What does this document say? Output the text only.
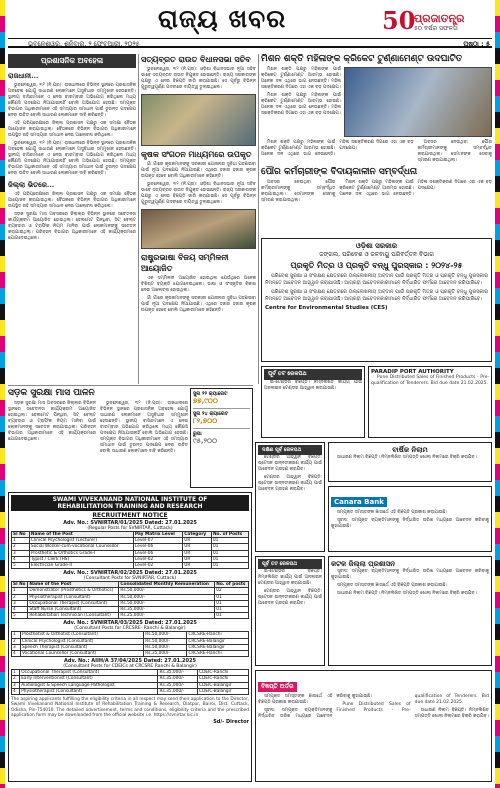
ରାଜ୍ୟ ଖବର	50
ପ୍ରଜାତନ୍ତ୍ର
୫୦ ବର୍ଷର ସଫଳତା
ଭୁବନେଶ୍ୱର, ଶନିବାର, ୨ ଫେବୃଆରୀ, ୨୦୨୫	ପୃଷ୍ଠା : ୫
ପ୍ରଶାସନିକ ଅବହେଳା
ରାଜଧାନୀ...

ଭୁବନେଶ୍ୱର, ୧ା୨ (ନି.ପ୍ର): ରାଜଧାନୀରେ ବିଭିନ୍ନ ସ୍ଥାନରେ ପ୍ରଶାସନିକ ଅବହେଳା ଯୋଗୁଁ ସାଧାରଣ ଲୋକମାନେ ଅସୁବିଧାର ସମ୍ମୁଖୀନ ହେଉଛନ୍ତି। ସ୍ଥାନୀୟ ବାସିନ୍ଦାମାନେ ଏ ନେଇ ବାରମ୍ବାର ଅଭିଯୋଗ କରିଥିଲେ ମଧ୍ୟ କୌଣସି ପଦକ୍ଷେପ ନିଆଯାଇନାହିଁ ବୋଲି ଅଭିଯୋଗ ହେଉଛି। ସମ୍ପୃକ୍ତ ବିଭାଗର ଅଧିକାରୀମାନେ ଏହି ସମସ୍ୟାର ସମାଧାନ ପାଇଁ ତୁରନ୍ତ ପଦକ୍ଷେପ ନେବା ଉଚିତ ବୋଲି ସାଧାରଣ ଲୋକମାନେ ଦାବି କରିଛନ୍ତି।

ଏହି ପରିପ୍ରେକ୍ଷୀରେ ଜିଲ୍ଲା ପ୍ରଶାସନ ପକ୍ଷରୁ ଏକ ସମୀକ୍ଷା ବୈଠକ ଆୟୋଜନ କରାଯାଇଥିଲା। ବୈଠକରେ ବିଭିନ୍ନ ବିଭାଗର ଅଧିକାରୀମାନେ ଉପସ୍ଥିତ ରହି ସମସ୍ୟାର ସମାଧାନ ନେଇ ଆଲୋଚନା କରିଥିଲେ।

ଭୁବନେଶ୍ୱର, ୧ା୨ (ନି.ପ୍ର): ରାଜଧାନୀରେ ବିଭିନ୍ନ ସ୍ଥାନରେ ପ୍ରଶାସନିକ ଅବହେଳା ଯୋଗୁଁ ସାଧାରଣ ଲୋକମାନେ ଅସୁବିଧାର ସମ୍ମୁଖୀନ ହେଉଛନ୍ତି। ସ୍ଥାନୀୟ ବାସିନ୍ଦାମାନେ ଏ ନେଇ ବାରମ୍ବାର ଅଭିଯୋଗ କରିଥିଲେ ମଧ୍ୟ କୌଣସି ପଦକ୍ଷେପ ନିଆଯାଇନାହିଁ ବୋଲି ଅଭିଯୋଗ ହେଉଛି। ସମ୍ପୃକ୍ତ ବିଭାଗର ଅଧିକାରୀମାନେ ଏହି ସମସ୍ୟାର ସମାଧାନ ପାଇଁ ତୁରନ୍ତ ପଦକ୍ଷେପ ନେବା ଉଚିତ ବୋଲି ସାଧାରଣ ଲୋକମାନେ ଦାବି କରିଛନ୍ତି।

ଜିଲ୍ଲା ଭିତରେ...

ଏହି ପରିପ୍ରେକ୍ଷୀରେ ଜିଲ୍ଲା ପ୍ରଶାସନ ପକ୍ଷରୁ ଏକ ସମୀକ୍ଷା ବୈଠକ ଆୟୋଜନ କରାଯାଇଥିଲା। ବୈଠକରେ ବିଭିନ୍ନ ବିଭାଗର ଅଧିକାରୀମାନେ ଉପସ୍ଥିତ ରହି ସମସ୍ୟାର ସମାଧାନ ନେଇ ଆଲୋଚନା କରିଥିଲେ।

ସଡ଼କ ସୁରକ୍ଷା ମାସ ଅବସରରେ ଜିଲ୍ଲାର ବିଭିନ୍ନ ସ୍ଥାନରେ ସଚେତନତା କାର୍ଯ୍ୟକ୍ରମ ଆୟୋଜିତ ହୋଇଥିଲା। ହେଲମେଟ ପିନ୍ଧିବା, ସିଟ୍ ବେଲ୍ଟ ବ୍ୟବହାର ଓ ଟ୍ରାଫିକ ନିୟମ ମାନିବା ପାଇଁ ଲୋକମାନଙ୍କୁ ସଚେତନ କରାଯାଇଥିଲା। ପରିବହନ ବିଭାଗର ଅଧିକାରୀମାନେ ଏହି କାର୍ଯ୍ୟକ୍ରମରେ ଯୋଗଦେଇଥିଲେ।

ସଡ଼କ ସୁରକ୍ଷା ମାସ ପାଳନ

ସଡ଼କ ସୁରକ୍ଷା ମାସ ଅବସରରେ ଜିଲ୍ଲାର ବିଭିନ୍ନ ସ୍ଥାନରେ ସଚେତନତା କାର୍ଯ୍ୟକ୍ରମ ଆୟୋଜିତ ହୋଇଥିଲା। ହେଲମେଟ ପିନ୍ଧିବା, ସିଟ୍ ବେଲ୍ଟ ବ୍ୟବହାର ଓ ଟ୍ରାଫିକ ନିୟମ ମାନିବା ପାଇଁ ଲୋକମାନଙ୍କୁ ସଚେତନ କରାଯାଇଥିଲା। ପରିବହନ ବିଭାଗର ଅଧିକାରୀମାନେ ଏହି କାର୍ଯ୍ୟକ୍ରମରେ ଯୋଗଦେଇଥିଲେ।

ଭୁବନେଶ୍ୱର, ୧ା୨ (ନି.ପ୍ର): ରାଜଧାନୀରେ ବିଭିନ୍ନ ସ୍ଥାନରେ ପ୍ରଶାସନିକ ଅବହେଳା ଯୋଗୁଁ ସାଧାରଣ ଲୋକମାନେ ଅସୁବିଧାର ସମ୍ମୁଖୀନ ହେଉଛନ୍ତି। ସ୍ଥାନୀୟ ବାସିନ୍ଦାମାନେ ଏ ନେଇ ବାରମ୍ବାର ଅଭିଯୋଗ କରିଥିଲେ ମଧ୍ୟ କୌଣସି ପଦକ୍ଷେପ ନିଆଯାଇନାହିଁ ବୋଲି ଅଭିଯୋଗ ହେଉଛି। ସମ୍ପୃକ୍ତ ବିଭାଗର ଅଧିକାରୀମାନେ ଏହି ସମସ୍ୟାର ସମାଧାନ ପାଇଁ ତୁରନ୍ତ ପଦକ୍ଷେପ ନେବା ଉଚିତ ବୋଲି ସାଧାରଣ ଲୋକମାନେ ଦାବି କରିଛନ୍ତି।

ସୁନା ୨୨ କ୍ୟାରେଟ
୭୭,୯୦୦
ସୁନା ୨୪ କ୍ୟାରେଟ
୮୨,୭୦୦
ରୁପା
୯୫,୨୦୦
ସତ୍ୟବ୍ରତ ରାଉତ ବିଧାନସଭା ସଚିବ

ଭୁବନେଶ୍ୱର, ୧ା୨ (ନି.ପ୍ର): ଓଡ଼ିଶା ବିଧାନସଭାର ନୂଆ ସଚିବ ଭାବେ ସତ୍ୟବ୍ରତ ରାଉତ ନିଯୁକ୍ତ ହୋଇଛନ୍ତି। ରାଜ୍ୟ ସରକାରଙ୍କ ପକ୍ଷରୁ ଏ ନେଇ ବିଜ୍ଞପ୍ତି ଜାରି କରାଯାଇଛି। ସେ ପୂର୍ବରୁ ବିଭିନ୍ନ ଗୁରୁତ୍ୱପୂର୍ଣ୍ଣ ପଦବୀରେ ଦାୟିତ୍ୱ ତୁଲାଇଥିଲେ।

କୃଷକ ସଂଗଠନ ମାଧ୍ୟମରେ ଉପକୃତ

ଗାଁ ଗାଁରେ କୃଷକମାନଙ୍କୁ ସରକାରୀ ଯୋଜନାର ସୁବିଧା ପହଞ୍ଚାଇବା ପାଇଁ ନୂଆ ପଦକ୍ଷେପ ନିଆଯାଇଛି। ଏଥିରେ ହଜାର ହଜାର କୃଷକ ଉପକୃତ ହେବେ ବୋଲି ଅଧିକାରୀମାନେ କହିଛନ୍ତି।

ଭୁବନେଶ୍ୱର, ୧ା୨ (ନି.ପ୍ର): ଓଡ଼ିଶା ବିଧାନସଭାର ନୂଆ ସଚିବ ଭାବେ ସତ୍ୟବ୍ରତ ରାଉତ ନିଯୁକ୍ତ ହୋଇଛନ୍ତି। ରାଜ୍ୟ ସରକାରଙ୍କ ପକ୍ଷରୁ ଏ ନେଇ ବିଜ୍ଞପ୍ତି ଜାରି କରାଯାଇଛି। ସେ ପୂର୍ବରୁ ବିଭିନ୍ନ ଗୁରୁତ୍ୱପୂର୍ଣ୍ଣ ପଦବୀରେ ଦାୟିତ୍ୱ ତୁଲାଇଥିଲେ।

ରାଷ୍ଟ୍ରଭାଷା ବିଜୟ ସମ୍ମିଳନୀ ଆୟୋଜିତ

ଏକ ସମ୍ମିଳନୀ ଆୟୋଜିତ ହୋଇଥିଲା ଯେଉଁଥିରେ ଅନେକ ବିଶିଷ୍ଟ ବ୍ୟକ୍ତି ଯୋଗଦେଇଥିଲେ। ଭାଷା ଓ ସଂସ୍କୃତିର ବିକାଶ ନେଇ ଆଲୋଚନା ହୋଇଥିଲା।

ଗାଁ ଗାଁରେ କୃଷକମାନଙ୍କୁ ସରକାରୀ ଯୋଜନାର ସୁବିଧା ପହଞ୍ଚାଇବା ପାଇଁ ନୂଆ ପଦକ୍ଷେପ ନିଆଯାଇଛି। ଏଥିରେ ହଜାର ହଜାର କୃଷକ ଉପକୃତ ହେବେ ବୋଲି ଅଧିକାରୀମାନେ କହିଛନ୍ତି।

ମିଶନ ଶକ୍ତି ମହିଳାଙ୍କ କ୍ରିକେଟ ଟୁର୍ଣ୍ଣାମେଣ୍ଟ ଉଦଘାଟିତ

ମିଶନ ଶକ୍ତି ପକ୍ଷରୁ ମହିଳାଙ୍କ ପାଇଁ କ୍ରିକେଟ ଟୁର୍ଣ୍ଣାମେଣ୍ଟ ଆରମ୍ଭ ହୋଇଛି। ଅନେକ ଦଳ ଏଥିରେ ଭାଗ ନେଉଛନ୍ତି। ମହିଳା ସଶକ୍ତିକରଣ ଦିଗରେ ଏହା ଏକ ବଡ଼ ପଦକ୍ଷେପ।

ମିଶନ ଶକ୍ତି ପକ୍ଷରୁ ମହିଳାଙ୍କ ପାଇଁ କ୍ରିକେଟ ଟୁର୍ଣ୍ଣାମେଣ୍ଟ ଆରମ୍ଭ ହୋଇଛି। ଅନେକ ଦଳ ଏଥିରେ ଭାଗ ନେଉଛନ୍ତି। ମହିଳା ସଶକ୍ତିକରଣ ଦିଗରେ ଏହା ଏକ ବଡ଼ ପଦକ୍ଷେପ।

ମିଶନ ଶକ୍ତି ପକ୍ଷରୁ ମହିଳାଙ୍କ ପାଇଁ କ୍ରିକେଟ ଟୁର୍ଣ୍ଣାମେଣ୍ଟ ଆରମ୍ଭ ହୋଇଛି। ଅନେକ ଦଳ ଏଥିରେ ଭାଗ ନେଉଛନ୍ତି। ମହିଳା ସଶକ୍ତିକରଣ ଦିଗରେ ଏହା ଏକ ବଡ଼ ପଦକ୍ଷେପ।

ଅବସର ନେଉଥିବା ପୌର କର୍ମଚାରୀମାନଙ୍କୁ ସମ୍ବର୍ଦ୍ଧିତ କରାଯାଇଥିଲା। ସେମାନଙ୍କ ସେବାକୁ ସ୍ମରଣ କରାଯାଇଥିଲା।

ପୌର କର୍ମଚାରୀଙ୍କ ବିଦାୟକାଳୀନ ସମ୍ବର୍ଦ୍ଧନା

ଅବସର ନେଉଥିବା ପୌର କର୍ମଚାରୀମାନଙ୍କୁ ସମ୍ବର୍ଦ୍ଧିତ କରାଯାଇଥିଲା। ସେମାନଙ୍କ ସେବାକୁ ସ୍ମରଣ କରାଯାଇଥିଲା।

ମିଶନ ଶକ୍ତି ପକ୍ଷରୁ ମହିଳାଙ୍କ ପାଇଁ କ୍ରିକେଟ ଟୁର୍ଣ୍ଣାମେଣ୍ଟ ଆରମ୍ଭ ହୋଇଛି। ଅନେକ ଦଳ ଏଥିରେ ଭାଗ ନେଉଛନ୍ତି। ମହିଳା ସଶକ୍ତିକରଣ ଦିଗରେ ଏହା ଏକ ବଡ଼ ପଦକ୍ଷେପ।

ଓଡ଼ିଶା ସରକାର
ଜଙ୍ଗଲ, ପରିବେଶ ଓ ଜଳବାୟୁ ପରିବର୍ତ୍ତନ ବିଭାଗ
ପ୍ରକୃତି ମିତ୍ର ଓ ପ୍ରକୃତି ବନ୍ଧୁ ପୁରସ୍କାର : ୨୦୨୪-୨୫

ପରିବେଶ ସୁରକ୍ଷା ଓ ସଂରକ୍ଷଣ କ୍ଷେତ୍ରରେ ଉଲ୍ଲେଖନୀୟ ଅବଦାନ ପାଇଁ ପ୍ରକୃତି ମିତ୍ର ଓ ପ୍ରକୃତି ବନ୍ଧୁ ପୁରସ୍କାର ନିମନ୍ତେ ଆବେଦନ ଆହ୍ୱାନ କରାଯାଉଛି। ଆଗ୍ରହୀ ଆବେଦନକାରୀମାନେ ନିର୍ଦ୍ଧାରିତ ଫର୍ମରେ ଆବେଦନ କରିପାରିବେ।

ପରିବେଶ ସୁରକ୍ଷା ଓ ସଂରକ୍ଷଣ କ୍ଷେତ୍ରରେ ଉଲ୍ଲେଖନୀୟ ଅବଦାନ ପାଇଁ ପ୍ରକୃତି ମିତ୍ର ଓ ପ୍ରକୃତି ବନ୍ଧୁ ପୁରସ୍କାର ନିମନ୍ତେ ଆବେଦନ ଆହ୍ୱାନ କରାଯାଉଛି। ଆଗ୍ରହୀ ଆବେଦନକାରୀମାନେ ନିର୍ଦ୍ଧାରିତ ଫର୍ମରେ ଆବେଦନ କରିପାରିବେ।

Centre for Environmental Studies (CES)
ପୂର୍ବ ତଟ ରେଳପଥ

ଇ-ଟେଣ୍ଡର ବିଜ୍ଞପ୍ତି। ନିମ୍ନଲିଖିତ କାର୍ଯ୍ୟ ପାଇଁ ଅନଲାଇନ ଟେଣ୍ଡର ଆହ୍ୱାନ କରାଯାଉଛି।

PARADIP PORT AUTHORITY

Pune Distributed Sales of Finished Products - Pre-qualification of Tenderers. Bid due date 21.02.2025.

SWAMI VIVEKANAND NATIONAL INSTITUTE OF
REHABILITATION TRAINING AND RESEARCH
RECRUITMENT NOTICE
Adv. No.: SVNIRTAR/01/2025 Dated: 27.01.2025
(Regular Posts for SVNIRTAR, Cuttack)
Sl No	Name of the Post	Pay Matrix Level	Category	No. of Posts
1	Clinical Psychologist (Lecturer)	Level-07	UR	01
2	Social Worker-cum-vocational Counsellor	Level-06	UR	01
3	Prosthetic & Orthotics Grade-I	Level-06	UR	01
4	Typist / Clerk (HS)	Level-02	UR	01
5	Electrician Grade-II	Level-02	UR	01
Adv. No.: SVNIRTAR/02/2025 Dated: 27.01.2025
(Consultant Posts for SVNIRTAR, Cuttack)
Sl No	Name of the Post	Consolidated Monthly Remuneration	No. of posts
1	Demonstrator (Prosthetics & Orthotics)	Rs.50,000/-	02
2	Physiotherapist (Consultant)	Rs.50,000/-	01
3	Occupational Therapist (Consultant)	Rs.50,000/-	01
4	Staff Nurse (Consultant)	Rs.35,000/-	01
5	Rehabilitation Technician (Consultant)	Rs.25,000/-	01
Adv. No.: SVNIRTAR/03/2025 Dated: 27.01.2025
(Consultant Posts for CRCSRE- Ranchi & Balangir)
1	Prosthetist & Orthotist (Consultant)	Rs.50,000/-	CRCSRE-Ranchi
2	Clinical Psychologist (Consultant)	Rs.50,000/-	CRCSRE-Balangir
3	Speech Therapist (Consultant)	Rs.50,000/-	CRCSRE-Balangir
4	Vocational Counsellor (Consultant)	Rs.35,000/-	CRCSRE-Ranchi
Adv. No.: AIIH/A 37/04/2025 Dated: 27.01.2025
(Consultant Posts for CDEICs at CRCSRE Ranchi & Balangir)
1	Occupational Therapist (Consultant)	Rs.35,000/-	CDEIC-Ranchi
2	Early Interventionist (Consultant)	Rs.35,000/-	CDEIC-Ranchi
3	Audiologist & Speech Language Pathologist	Rs.35,000/-	CDEIC-Balangir
4	Physiotherapist (Consultant)	Rs.35,000/-	CDEIC-Balangir
The aspiring applicants fulfilling the eligibility criteria in all respect may send their application to the Director, Swami Vivekanand National Institute of Rehabilitation Training & Research, Olatpur, Bairoi, Dist. Cuttack, Odisha, Pin-754010. The detailed advertisement, terms and conditions, eligibility criteria and the prescribed application form may be downloaded from the official website i.e. https://svnirtar.nic.in
Sd/- Director
ଦକ୍ଷିଣ ପୂର୍ବ ରେଳପଥ

ଟେଣ୍ଡର ଆହ୍ୱାନ ବିଜ୍ଞପ୍ତି: ଷ୍ଟେସନ ଉନ୍ନତୀକରଣ କାର୍ଯ୍ୟ ପାଇଁ ଆବେଦନ ଗ୍ରହଣ କରାଯିବ।

ଟେଣ୍ଡର ଆହ୍ୱାନ ବିଜ୍ଞପ୍ତି: ଷ୍ଟେସନ ଉନ୍ନତୀକରଣ କାର୍ଯ୍ୟ ପାଇଁ ଆବେଦନ ଗ୍ରହଣ କରାଯିବ।

ବାର୍ଷିକ ନିଲାମ

ସାଧାରଣ ନିଲାମ ବିଜ୍ଞପ୍ତି। ନିମ୍ନଲିଖିତ ସମ୍ପତ୍ତି ଖୋଲା ନିଲାମରେ ବିକ୍ରି କରାଯିବ।

Canara Bank

ସମ୍ପୃକ୍ତ ସମସ୍ତଙ୍କ ଜ୍ଞାତାର୍ଥେ ଏହି ବିଜ୍ଞପ୍ତି ପ୍ରକାଶ କରାଯାଉଛି।

ସୂଚନା: ସମ୍ପୃକ୍ତ ବ୍ୟକ୍ତିମାନଙ୍କୁ ନିର୍ଦ୍ଧାରିତ ତାରିଖ ମଧ୍ୟରେ ଆବେଦନ କରିବାକୁ କୁହାଯାଉଛି।

ପୂର୍ବ ତଟ ରେଳପଥ

ଇ-ଟେଣ୍ଡର ବିଜ୍ଞପ୍ତି। ନିମ୍ନଲିଖିତ କାର୍ଯ୍ୟ ପାଇଁ ଅନଲାଇନ ଟେଣ୍ଡର ଆହ୍ୱାନ କରାଯାଉଛି।

ଟେଣ୍ଡର ଆହ୍ୱାନ ବିଜ୍ଞପ୍ତି: ଷ୍ଟେସନ ଉନ୍ନତୀକରଣ କାର୍ଯ୍ୟ ପାଇଁ ଆବେଦନ ଗ୍ରହଣ କରାଯିବ।

କଟକ ଜିଲ୍ଲା ପ୍ରଶାସନ

ସୂଚନା: ସମ୍ପୃକ୍ତ ବ୍ୟକ୍ତିମାନଙ୍କୁ ନିର୍ଦ୍ଧାରିତ ତାରିଖ ମଧ୍ୟରେ ଆବେଦନ କରିବାକୁ କୁହାଯାଉଛି।

ସମ୍ପୃକ୍ତ ସମସ୍ତଙ୍କ ଜ୍ଞାତାର୍ଥେ ଏହି ବିଜ୍ଞପ୍ତି ପ୍ରକାଶ କରାଯାଉଛି।

ସାଧାରଣ ନିଲାମ ବିଜ୍ଞପ୍ତି। ନିମ୍ନଲିଖିତ ସମ୍ପତ୍ତି ଖୋଲା ନିଲାମରେ ବିକ୍ରି କରାଯିବ।

ବିଜ୍ଞପ୍ତି ଅର୍ଡର

ସମ୍ପୃକ୍ତ ସମସ୍ତଙ୍କ ଜ୍ଞାତାର୍ଥେ ଏହି ବିଜ୍ଞପ୍ତି ପ୍ରକାଶ କରାଯାଉଛି।

ସୂଚନା: ସମ୍ପୃକ୍ତ ବ୍ୟକ୍ତିମାନଙ୍କୁ ନିର୍ଦ୍ଧାରିତ ତାରିଖ ମଧ୍ୟରେ ଆବେଦନ କରିବାକୁ କୁହାଯାଉଛି।

Pune Distributed Sales of Finished Products - Pre-qualification of Tenderers. Bid due date 21.02.2025.

ସାଧାରଣ ନିଲାମ ବିଜ୍ଞପ୍ତି। ନିମ୍ନଲିଖିତ ସମ୍ପତ୍ତି ଖୋଲା ନିଲାମରେ ବିକ୍ରି କରାଯିବ।
